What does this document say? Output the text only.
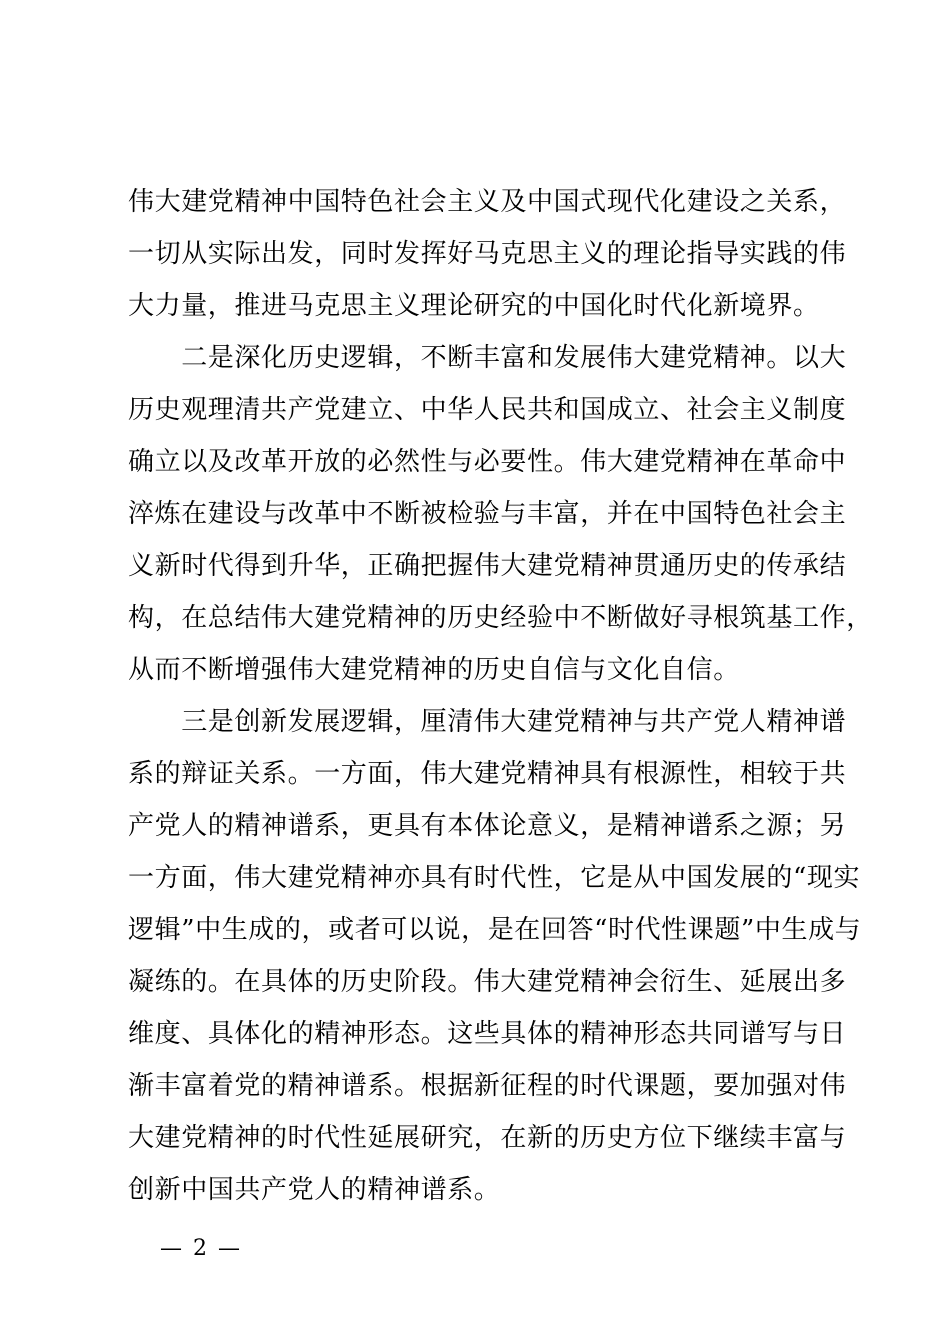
伟大建党精神中国特色社会主义及中国式现代化建设之关系，
一切从实际出发，同时发挥好马克思主义的理论指导实践的伟
大力量，推进马克思主义理论研究的中国化时代化新境界。
　　二是深化历史逻辑，不断丰富和发展伟大建党精神。以大
历史观理清共产党建立、中华人民共和国成立、社会主义制度
确立以及改革开放的必然性与必要性。伟大建党精神在革命中
淬炼在建设与改革中不断被检验与丰富，并在中国特色社会主
义新时代得到升华，正确把握伟大建党精神贯通历史的传承结
构，在总结伟大建党精神的历史经验中不断做好寻根筑基工作，
从而不断增强伟大建党精神的历史自信与文化自信。
　　三是创新发展逻辑，厘清伟大建党精神与共产党人精神谱
系的辩证关系。一方面，伟大建党精神具有根源性，相较于共
产党人的精神谱系，更具有本体论意义，是精神谱系之源；另
一方面，伟大建党精神亦具有时代性，它是从中国发展的“现实
逻辑”中生成的，或者可以说，是在回答“时代性课题”中生成与
凝练的。在具体的历史阶段。伟大建党精神会衍生、延展出多
维度、具体化的精神形态。这些具体的精神形态共同谱写与日
渐丰富着党的精神谱系。根据新征程的时代课题，要加强对伟
大建党精神的时代性延展研究，在新的历史方位下继续丰富与
创新中国共产党人的精神谱系。
— 2 —
